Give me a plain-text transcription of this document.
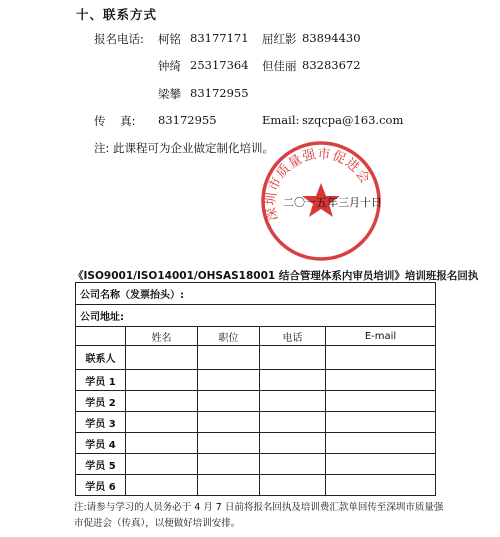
十、联系方式
报名电话: 柯铭 83177171 屈红影 83894430
钟绮 25317364 但佳丽 83283672
梁攀 83172955
传    真: 83172955	Email: szqcpa@163.com
注: 此课程可为企业做定制化培训。
深圳市质量强市促进会
二〇一五年三月十日
《ISO9001/ISO14001/OHSAS18001 结合管理体系内审员培训》培训班报名回执
公司名称（发票抬头）:				
公司地址:				
	姓名	职位	电话	E-mail
联系人				
学员 1				
学员 2				
学员 3				
学员 4				
学员 5				
学员 6				
注:请参与学习的人员务必于 4 月 7 日前将报名回执及培训费汇款单回传至深圳市质量强市促进会（传真），以便做好培训安排。
